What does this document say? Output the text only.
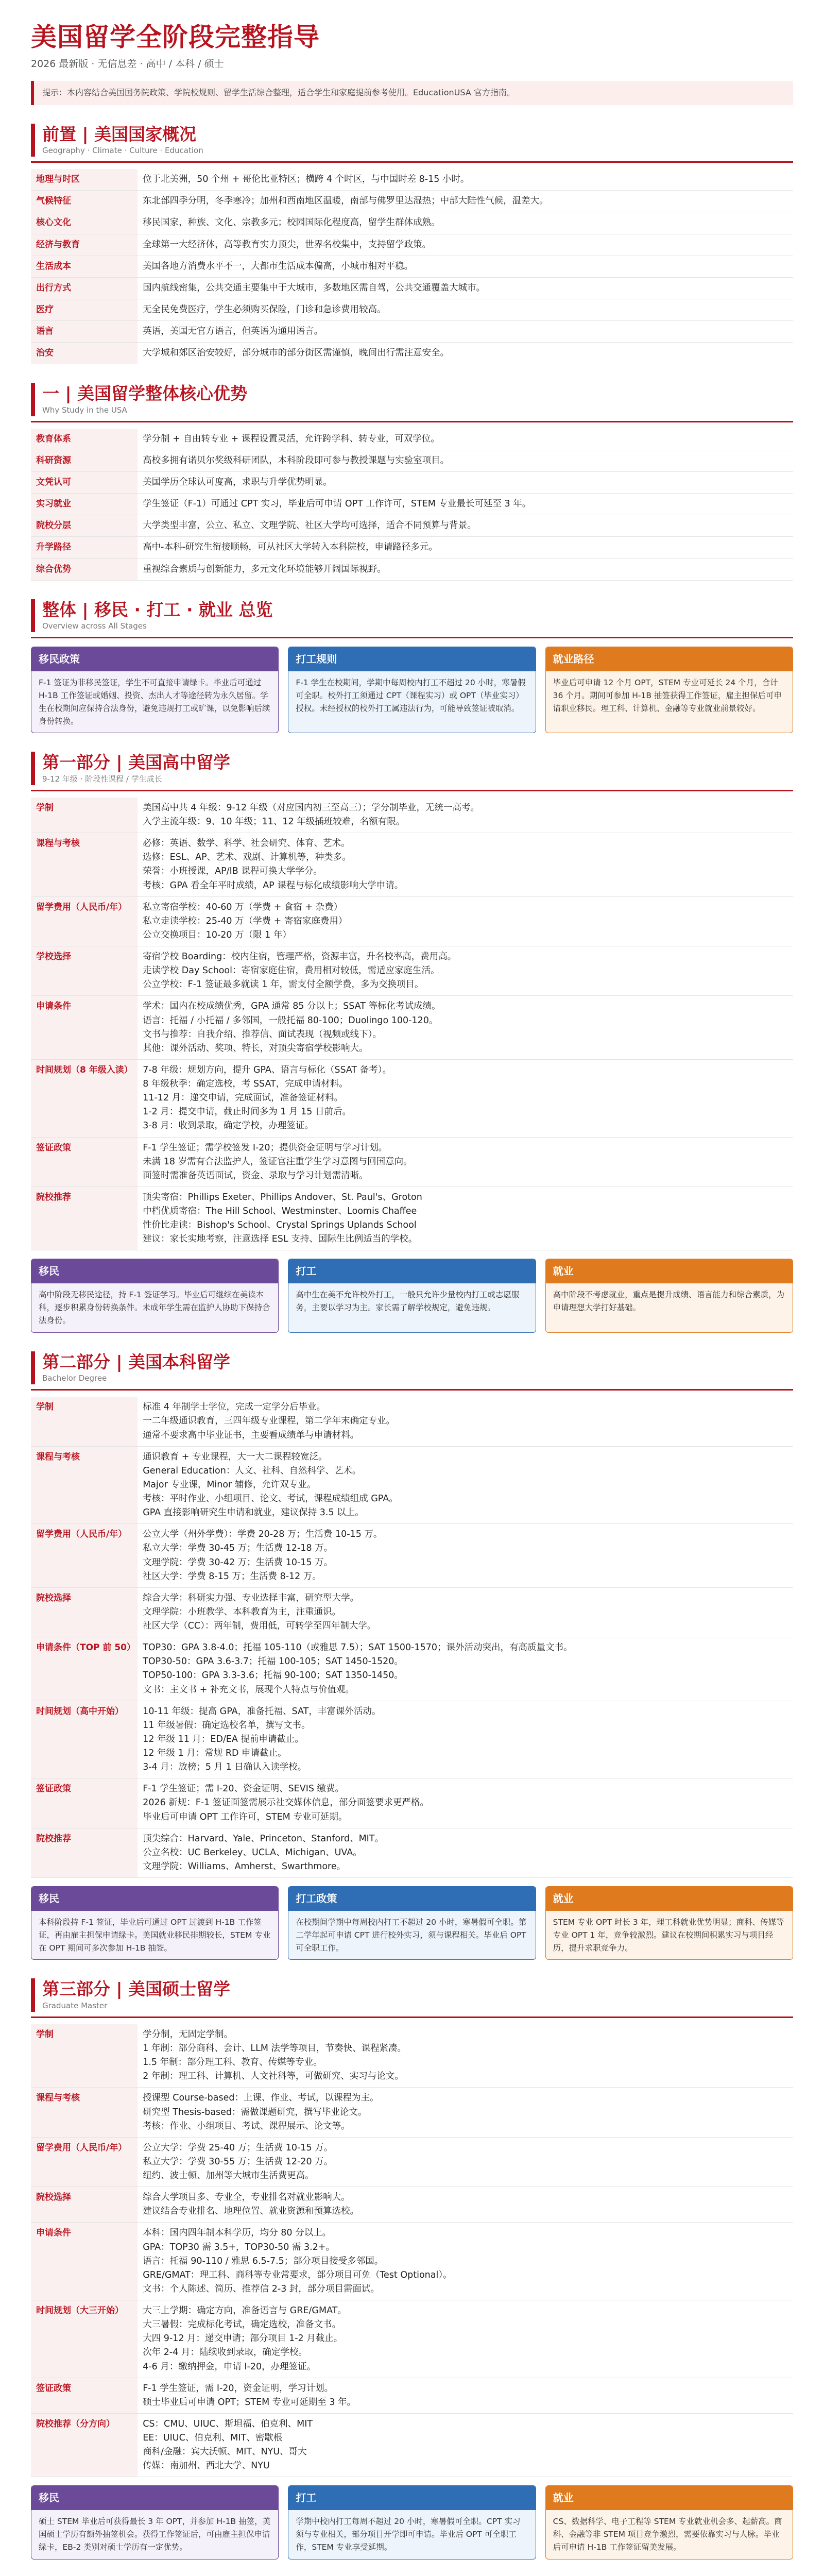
美国留学全阶段完整指导
2026 最新版 · 无信息差 · 高中 / 本科 / 硕士
提示：本内容结合美国国务院政策、学院校规则、留学生活综合整理，适合学生和家庭提前参考使用。EducationUSA 官方指南。
前置 | 美国国家概况
Geography · Climate · Culture · Education
地理与时区	位于北美洲，50 个州 + 哥伦比亚特区；横跨 4 个时区，与中国时差 8-15 小时。
气候特征	东北部四季分明，冬季寒冷；加州和西南地区温暖，南部与佛罗里达湿热；中部大陆性气候，温差大。
核心文化	移民国家，种族、文化、宗教多元；校园国际化程度高，留学生群体成熟。
经济与教育	全球第一大经济体，高等教育实力顶尖，世界名校集中，支持留学政策。
生活成本	美国各地方消费水平不一，大都市生活成本偏高，小城市相对平稳。
出行方式	国内航线密集，公共交通主要集中于大城市，多数地区需自驾，公共交通覆盖大城市。
医疗	无全民免费医疗，学生必须购买保险，门诊和急诊费用较高。
语言	英语，美国无官方语言，但英语为通用语言。
治安	大学城和郊区治安较好，部分城市的部分街区需谨慎，晚间出行需注意安全。
一 | 美国留学整体核心优势
Why Study in the USA
教育体系	学分制 + 自由转专业 + 课程设置灵活，允许跨学科、转专业，可双学位。
科研资源	高校多拥有诺贝尔奖级科研团队，本科阶段即可参与教授课题与实验室项目。
文凭认可	美国学历全球认可度高，求职与升学优势明显。
实习就业	学生签证（F-1）可通过 CPT 实习，毕业后可申请 OPT 工作许可，STEM 专业最长可延至 3 年。
院校分层	大学类型丰富，公立、私立、文理学院、社区大学均可选择，适合不同预算与背景。
升学路径	高中-本科-研究生衔接顺畅，可从社区大学转入本科院校，申请路径多元。
综合优势	重视综合素质与创新能力，多元文化环境能够开阔国际视野。
整体 | 移民 · 打工 · 就业 总览
Overview across All Stages
移民政策
F-1 签证为非移民签证，学生不可直接申请绿卡。毕业后可通过 H-1B 工作签证或婚姻、投资、杰出人才等途径转为永久居留。学生在校期间应保持合法身份，避免违规打工或旷课，以免影响后续身份转换。
打工规则
F-1 学生在校期间，学期中每周校内打工不超过 20 小时，寒暑假可全职。校外打工须通过 CPT（课程实习）或 OPT（毕业实习）授权。未经授权的校外打工属违法行为，可能导致签证被取消。
就业路径
毕业后可申请 12 个月 OPT，STEM 专业可延长 24 个月，合计 36 个月。期间可参加 H-1B 抽签获得工作签证，雇主担保后可申请职业移民。理工科、计算机、金融等专业就业前景较好。
第一部分 | 美国高中留学
9-12 年级 · 阶段性课程 / 学生成长
学制	美国高中共 4 年级：9-12 年级（对应国内初三至高三）；学分制毕业，无统一高考。
入学主流年级：9、10 年级；11、12 年级插班较难，名额有限。

课程与考核	必修：英语、数学、科学、社会研究、体育、艺术。
选修：ESL、AP、艺术、戏剧、计算机等，种类多。
荣誉：小班授课，AP/IB 课程可换大学学分。
考核：GPA 看全年平时成绩，AP 课程与标化成绩影响大学申请。

留学费用（人民币/年）	私立寄宿学校：40-60 万（学费 + 食宿 + 杂费）
私立走读学校：25-40 万（学费 + 寄宿家庭费用）
公立交换项目：10-20 万（限 1 年）

学校选择	寄宿学校 Boarding：校内住宿，管理严格，资源丰富，升名校率高，费用高。
走读学校 Day School：寄宿家庭住宿，费用相对较低，需适应家庭生活。
公立学校：F-1 签证最多就读 1 年，需支付全额学费，多为交换项目。

申请条件	学术：国内在校成绩优秀，GPA 通常 85 分以上；SSAT 等标化考试成绩。
语言：托福 / 小托福 / 多邻国，一般托福 80-100；Duolingo 100-120。
文书与推荐：自我介绍、推荐信、面试表现（视频或线下）。
其他：课外活动、奖项、特长，对顶尖寄宿学校影响大。

时间规划（8 年级入读）	7-8 年级：规划方向，提升 GPA、语言与标化（SSAT 备考）。
8 年级秋季：确定选校，考 SSAT，完成申请材料。
11-12 月：递交申请，完成面试，准备签证材料。
1-2 月：提交申请，截止时间多为 1 月 15 日前后。
3-8 月：收到录取，确定学校，办理签证。

签证政策	F-1 学生签证；需学校签发 I-20；提供资金证明与学习计划。
未满 18 岁需有合法监护人，签证官注重学生学习意图与回国意向。
面签时需准备英语面试，资金、录取与学习计划需清晰。

院校推荐	顶尖寄宿：Phillips Exeter、Phillips Andover、St. Paul's、Groton
中档优质寄宿：The Hill School、Westminster、Loomis Chaffee
性价比走读：Bishop's School、Crystal Springs Uplands School
建议：家长实地考察，注意选择 ESL 支持、国际生比例适当的学校。
移民
高中阶段无移民途径，持 F-1 签证学习。毕业后可继续在美读本科，逐步积累身份转换条件。未成年学生需在监护人协助下保持合法身份。
打工
高中生在美不允许校外打工，一般只允许少量校内打工或志愿服务，主要以学习为主。家长需了解学校规定，避免违规。
就业
高中阶段不考虑就业，重点是提升成绩、语言能力和综合素质，为申请理想大学打好基础。
第二部分 | 美国本科留学
Bachelor Degree
学制	标准 4 年制学士学位，完成一定学分后毕业。
一二年级通识教育，三四年级专业课程，第二学年末确定专业。
通常不要求高中毕业证书，主要看成绩单与申请材料。

课程与考核	通识教育 + 专业课程，大一大二课程较宽泛。
General Education：人文、社科、自然科学、艺术。
Major 专业课，Minor 辅修，允许双专业。
考核：平时作业、小组项目、论文、考试，课程成绩组成 GPA。
GPA 直接影响研究生申请和就业，建议保持 3.5 以上。

留学费用（人民币/年）	公立大学（州外学费）：学费 20-28 万；生活费 10-15 万。
私立大学：学费 30-45 万；生活费 12-18 万。
文理学院：学费 30-42 万；生活费 10-15 万。
社区大学：学费 8-15 万；生活费 8-12 万。

院校选择	综合大学：科研实力强、专业选择丰富，研究型大学。
文理学院：小班教学、本科教育为主，注重通识。
社区大学（CC）：两年制，费用低，可转学至四年制大学。

申请条件（TOP 前 50）	TOP30：GPA 3.8-4.0；托福 105-110（或雅思 7.5）；SAT 1500-1570；课外活动突出，有高质量文书。
TOP30-50：GPA 3.6-3.7；托福 100-105；SAT 1450-1520。
TOP50-100：GPA 3.3-3.6；托福 90-100；SAT 1350-1450。
文书：主文书 + 补充文书，展现个人特点与价值观。

时间规划（高中开始）	10-11 年级：提高 GPA，准备托福、SAT，丰富课外活动。
11 年级暑假：确定选校名单，撰写文书。
12 年级 11 月：ED/EA 提前申请截止。
12 年级 1 月：常规 RD 申请截止。
3-4 月：放榜；5 月 1 日确认入读学校。

签证政策	F-1 学生签证；需 I-20、资金证明、SEVIS 缴费。
2026 新规：F-1 签证面签需展示社交媒体信息，部分面签要求更严格。
毕业后可申请 OPT 工作许可，STEM 专业可延期。

院校推荐	顶尖综合：Harvard、Yale、Princeton、Stanford、MIT。
公立名校：UC Berkeley、UCLA、Michigan、UVA。
文理学院：Williams、Amherst、Swarthmore。
移民
本科阶段持 F-1 签证，毕业后可通过 OPT 过渡到 H-1B 工作签证，再由雇主担保申请绿卡。美国就业移民排期较长，STEM 专业在 OPT 期间可多次参加 H-1B 抽签。
打工政策
在校期间学期中每周校内打工不超过 20 小时，寒暑假可全职。第二学年起可申请 CPT 进行校外实习，须与课程相关。毕业后 OPT 可全职工作。
就业
STEM 专业 OPT 时长 3 年，理工科就业优势明显；商科、传媒等专业 OPT 1 年，竞争较激烈。建议在校期间积累实习与项目经历，提升求职竞争力。
第三部分 | 美国硕士留学
Graduate Master
学制	学分制，无固定学制。
1 年制：部分商科、会计、LLM 法学等项目，节奏快、课程紧凑。
1.5 年制：部分理工科、教育、传媒等专业。
2 年制：理工科、计算机、人文社科等，可做研究、实习与论文。

课程与考核	授课型 Course-based：上课、作业、考试，以课程为主。
研究型 Thesis-based：需做课题研究，撰写毕业论文。
考核：作业、小组项目、考试、课程展示、论文等。

留学费用（人民币/年）	公立大学：学费 25-40 万；生活费 10-15 万。
私立大学：学费 30-55 万；生活费 12-20 万。
纽约、波士顿、加州等大城市生活费更高。

院校选择	综合大学项目多、专业全，专业排名对就业影响大。
建议结合专业排名、地理位置、就业资源和预算选校。

申请条件	本科：国内四年制本科学历，均分 80 分以上。
GPA：TOP30 需 3.5+，TOP30-50 需 3.2+。
语言：托福 90-110 / 雅思 6.5-7.5；部分项目接受多邻国。
GRE/GMAT：理工科、商科等专业常要求，部分项目可免（Test Optional）。
文书：个人陈述、简历、推荐信 2-3 封，部分项目需面试。

时间规划（大三开始）	大三上学期：确定方向，准备语言与 GRE/GMAT。
大三暑假：完成标化考试，确定选校，准备文书。
大四 9-12 月：递交申请；部分项目 1-2 月截止。
次年 2-4 月：陆续收到录取，确定学校。
4-6 月：缴纳押金，申请 I-20，办理签证。

签证政策	F-1 学生签证，需 I-20，资金证明，学习计划。
硕士毕业后可申请 OPT；STEM 专业可延期至 3 年。

院校推荐（分方向）	CS：CMU、UIUC、斯坦福、伯克利、MIT
EE：UIUC、伯克利、MIT、密歇根
商科/金融：宾大沃顿、MIT、NYU、哥大
传媒：南加州、西北大学、NYU
移民
硕士 STEM 毕业后可获得最长 3 年 OPT，并参加 H-1B 抽签，美国硕士学历有额外抽签机会。获得工作签证后，可由雇主担保申请绿卡，EB-2 类别对硕士学历有一定优势。
打工
学期中校内打工每周不超过 20 小时，寒暑假可全职。CPT 实习须与专业相关，部分项目开学即可申请。毕业后 OPT 可全职工作，STEM 专业享受延期。
就业
CS、数据科学、电子工程等 STEM 专业就业机会多、起薪高。商科、金融等非 STEM 项目竞争激烈，需要依靠实习与人脉。毕业后可申请 H-1B 工作签证留美发展。
